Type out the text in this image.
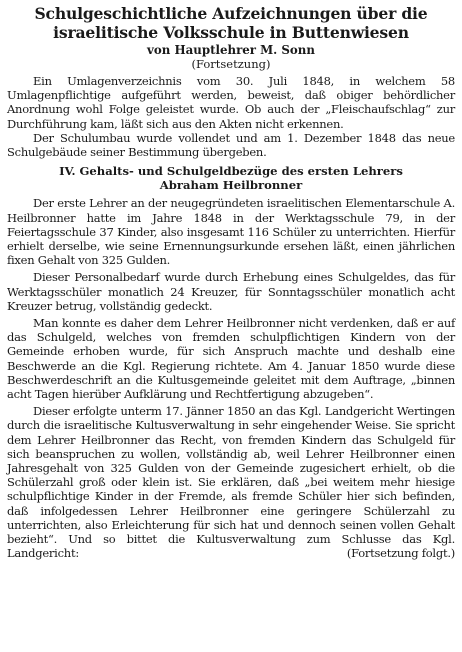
Schulgeschichtliche Aufzeichnungen über die
israelitische Volksschule in Buttenwiesen

von Hauptlehrer M. Sonn

(Fortsetzung)

Ein Umlagenverzeichnis vom 30. Juli 1848, in welchem 58 Umlagenpflichtige aufgeführt werden, beweist, daß obiger behördlicher Anordnung wohl Folge geleistet wurde. Ob auch der „Fleischaufschlag“ zur Durchführung kam, läßt sich aus den Akten nicht erkennen.

Der Schulumbau wurde vollendet und am 1. Dezember 1848 das neue Schulgebäude seiner Bestimmung übergeben.

IV. Gehalts- und Schulgeldbezüge des ersten Lehrers
Abraham Heilbronner

Der erste Lehrer an der neugegründeten israelitischen Elementarschule A. Heilbronner hatte im Jahre 1848 in der Werktagsschule 79, in der Feiertagsschule 37 Kinder, also insgesamt 116 Schüler zu unterrichten. Hierfür erhielt derselbe, wie seine Ernennungsurkunde ersehen läßt, einen jährlichen fixen Gehalt von 325 Gulden.

Dieser Personalbedarf wurde durch Erhebung eines Schulgeldes, das für Werktagsschüler monatlich 24 Kreuzer, für Sonntagsschüler monatlich acht Kreuzer betrug, vollständig gedeckt.

Man konnte es daher dem Lehrer Heilbronner nicht verdenken, daß er auf das Schulgeld, welches von fremden schulpflichtigen Kindern von der Gemeinde erhoben wurde, für sich Anspruch machte und deshalb eine Beschwerde an die Kgl. Regierung richtete. Am 4. Januar 1850 wurde diese Beschwerdeschrift an die Kultusgemeinde geleitet mit dem Auftrage, „binnen acht Tagen hierüber Aufklärung und Rechtfertigung abzugeben“.

Dieser erfolgte unterm 17. Jänner 1850 an das Kgl. Landgericht Wertingen durch die israelitische Kultusverwaltung in sehr eingehender Weise. Sie spricht dem Lehrer Heilbronner das Recht, von fremden Kindern das Schulgeld für sich beanspruchen zu wollen, vollständig ab, weil Lehrer Heilbronner einen Jahresgehalt von 325 Gulden von der Gemeinde zugesichert erhielt, ob die Schülerzahl groß oder klein ist. Sie erklären, daß „bei weitem mehr hiesige schulpflichtige Kinder in der Fremde, als fremde Schüler hier sich befinden, daß infolgedessen Lehrer Heilbronner eine geringere Schülerzahl zu unterrichten, also Erleichterung für sich hat und dennoch seinen vollen Gehalt bezieht“. Und so bittet die Kultusverwaltung zum Schlusse das Kgl. Landgericht:	(Fortsetzung folgt.)
